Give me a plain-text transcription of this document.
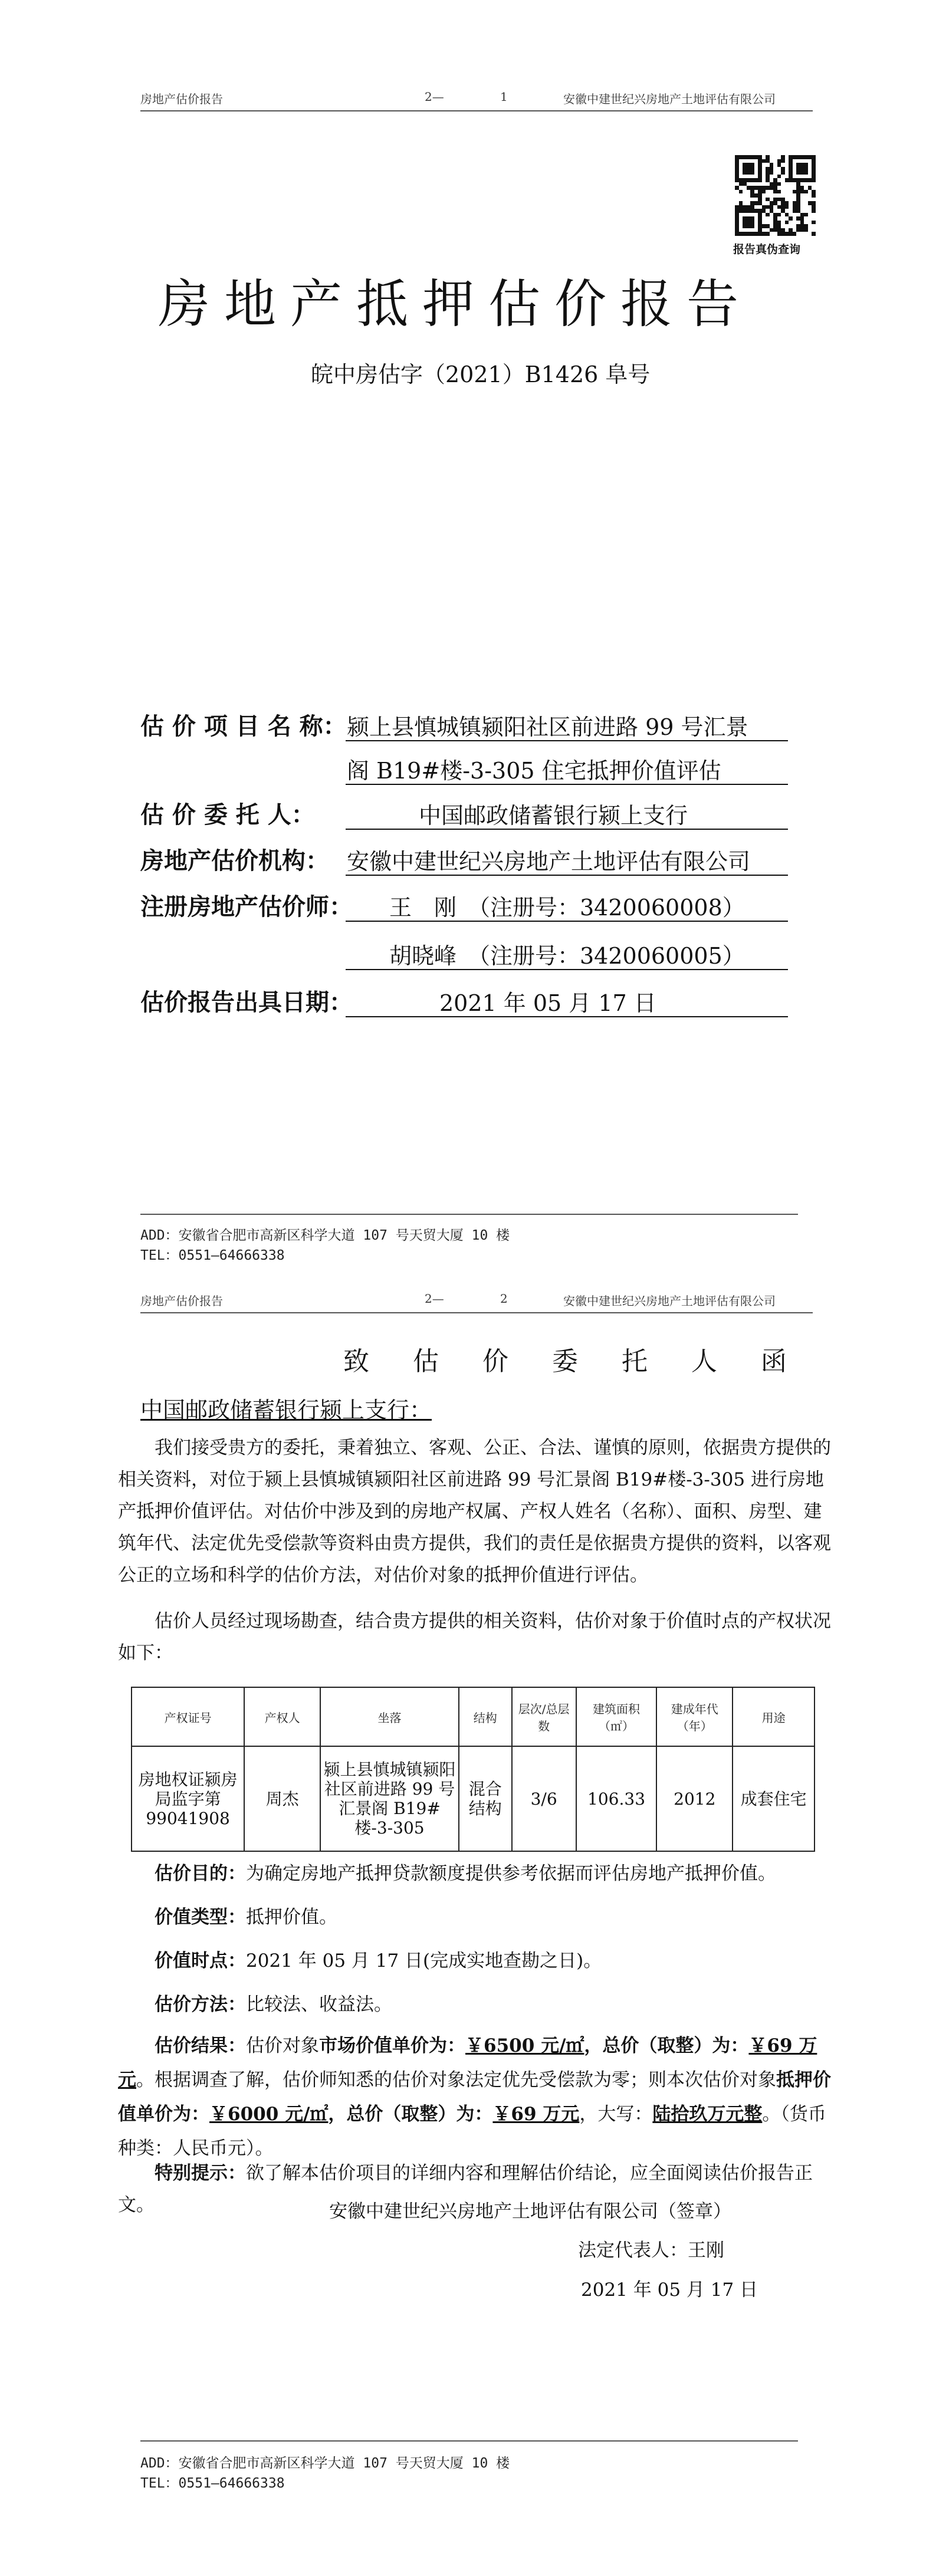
房地产估价报告	2—	1	安徽中建世纪兴房地产土地评估有限公司
报告真伪查询
房地产抵押估价报告
皖中房估字（2021）B1426 阜号
估 价 项 目 名 称： 颍上县慎城镇颍阳社区前进路 99 号汇景
阁 B19#楼-3-305 住宅抵押价值评估
估 价 委 托 人：	中国邮政储蓄银行颍上支行
房地产估价机构： 安徽中建世纪兴房地产土地评估有限公司
注册房地产估价师： 王　刚　（注册号：3420060008）
胡晓峰　（注册号：3420060005）
估价报告出具日期：	2021 年 05 月 17 日
ADD：安徽省合肥市高新区科学大道 107 号天贸大厦 10 楼
TEL：0551—64666338
房地产估价报告	2—	2	安徽中建世纪兴房地产土地评估有限公司
致 估 价 委 托 人 函
中国邮政储蓄银行颍上支行：
我们接受贵方的委托，秉着独立、客观、公正、合法、谨慎的原则，依据贵方提供的相关资料，对位于颍上县慎城镇颍阳社区前进路 99 号汇景阁 B19#楼-3-305 进行房地产抵押价值评估。对估价中涉及到的房地产权属、产权人姓名（名称）、面积、房型、建筑年代、法定优先受偿款等资料由贵方提供，我们的责任是依据贵方提供的资料，以客观公正的立场和科学的估价方法，对估价对象的抵押价值进行评估。
估价人员经过现场勘查，结合贵方提供的相关资料，估价对象于价值时点的产权状况如下：
产权证号	产权人	坐落	结构	层次/总层数	建筑面积（㎡）	建成年代（年）	用途
房地权证颍房局监字第 99041908	周杰	颍上县慎城镇颍阳社区前进路 99 号汇景阁 B19#楼-3-305	混合结构	3/6	106.33	2012	成套住宅
估价目的：为确定房地产抵押贷款额度提供参考依据而评估房地产抵押价值。
价值类型：抵押价值。
价值时点：2021 年 05 月 17 日(完成实地查勘之日)。
估价方法：比较法、收益法。
估价结果：估价对象市场价值单价为：￥6500 元/㎡，总价（取整）为：￥69 万元。根据调查了解，估价师知悉的估价对象法定优先受偿款为零；则本次估价对象抵押价值单价为：￥6000 元/㎡，总价（取整）为：￥69 万元，大写：陆拾玖万元整。（货币种类：人民币元）。
特别提示：欲了解本估价项目的详细内容和理解估价结论，应全面阅读估价报告正文。	安徽中建世纪兴房地产土地评估有限公司（签章）
法定代表人：王刚
2021 年 05 月 17 日
ADD：安徽省合肥市高新区科学大道 107 号天贸大厦 10 楼
TEL：0551—64666338
